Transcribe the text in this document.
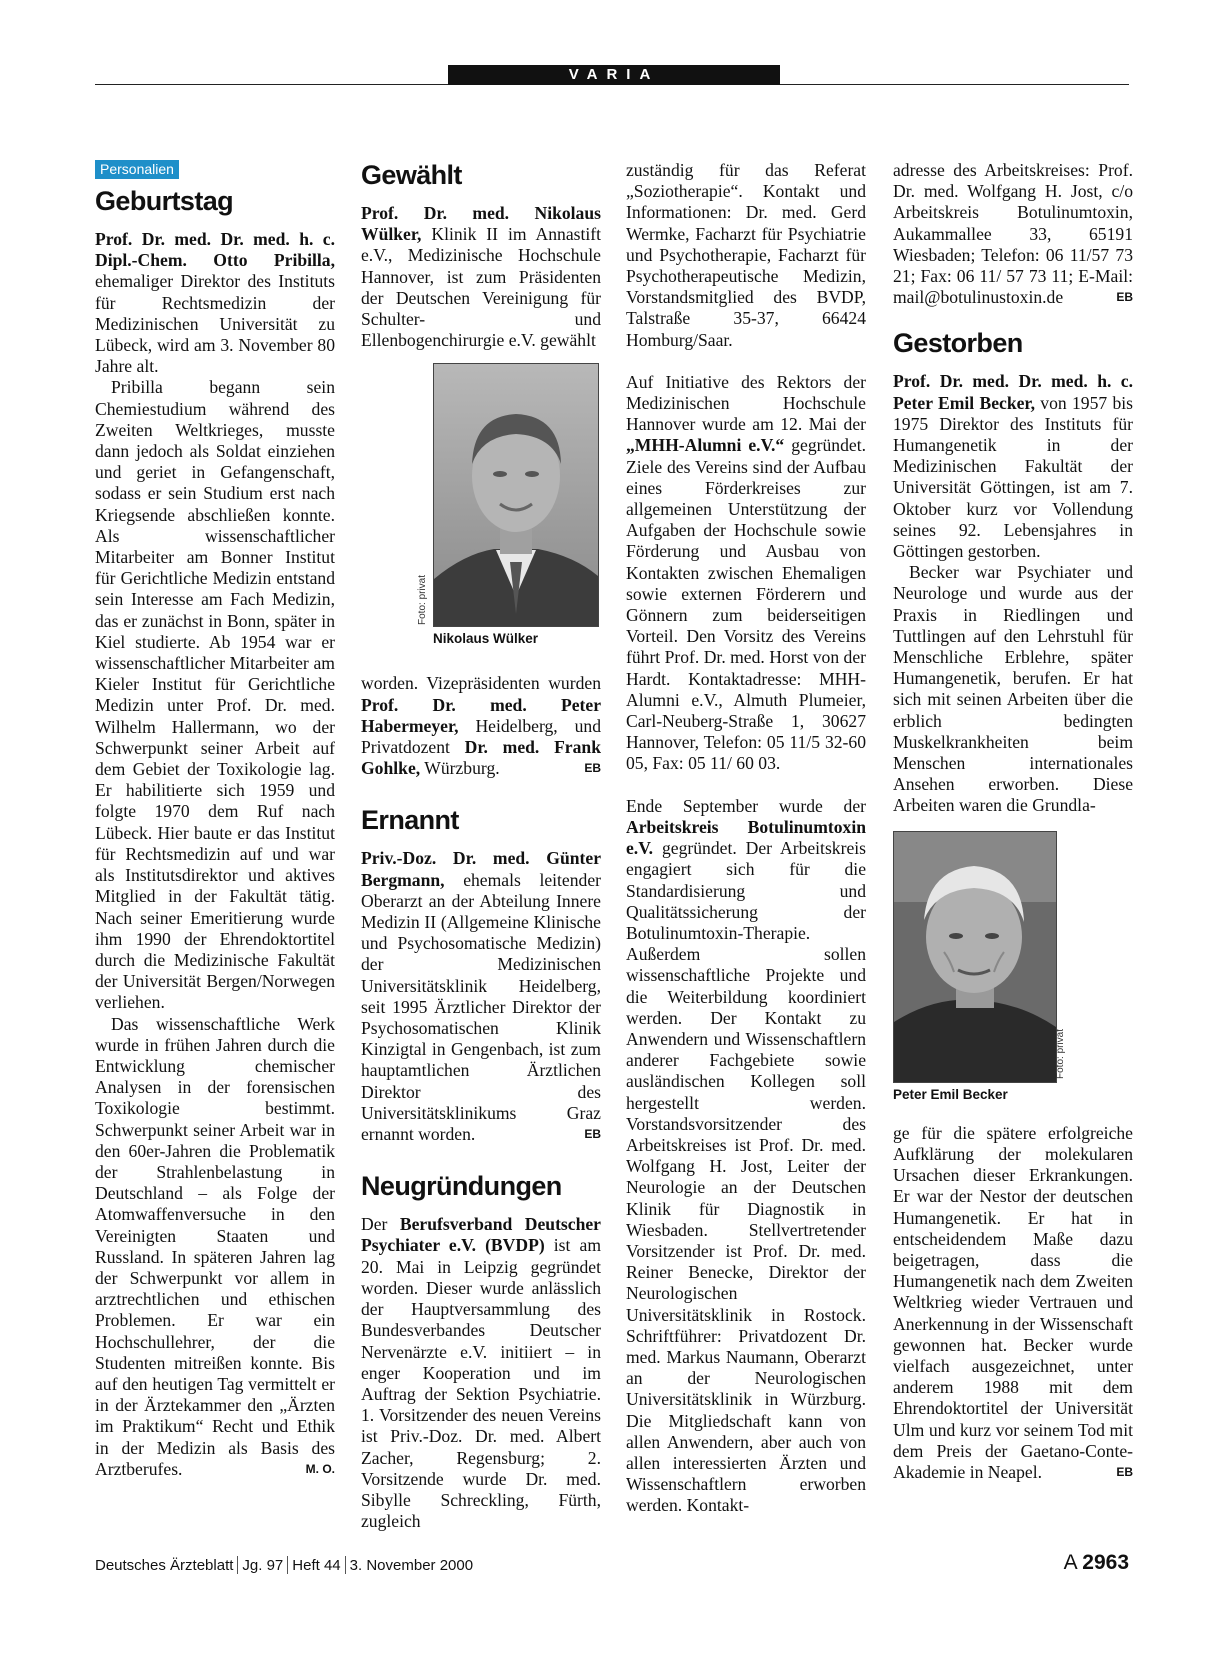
VARIA
Personalien
Geburtstag

Prof. Dr. med. Dr. med. h. c. Dipl.-Chem. Otto Pribilla, ehemaliger Direktor des Instituts für Rechtsmedizin der Medizinischen Universität zu Lübeck, wird am 3. November 80 Jahre alt.

Pribilla begann sein Chemiestudium während des Zweiten Weltkrieges, musste dann jedoch als Soldat einziehen und geriet in Gefangenschaft, sodass er sein Studium erst nach Kriegsende abschließen konnte. Als wissenschaftlicher Mitarbeiter am Bonner Institut für Gerichtliche Medizin entstand sein Interesse am Fach Medizin, das er zunächst in Bonn, später in Kiel studierte. Ab 1954 war er wissenschaftlicher Mitarbeiter am Kieler Institut für Gerichtliche Medizin unter Prof. Dr. med. Wilhelm Hallermann, wo der Schwerpunkt seiner Arbeit auf dem Gebiet der Toxikologie lag. Er habilitierte sich 1959 und folgte 1970 dem Ruf nach Lübeck. Hier baute er das Institut für Rechtsmedizin auf und war als Institutsdirektor und aktives Mitglied in der Fakultät tätig. Nach seiner Emeritierung wurde ihm 1990 der Ehrendoktortitel durch die Medizinische Fakultät der Universität Bergen/Norwegen verliehen.

Das wissenschaftliche Werk wurde in frühen Jahren durch die Entwicklung chemischer Analysen in der forensischen Toxikologie bestimmt. Schwerpunkt seiner Arbeit war in den 60er-Jahren die Problematik der Strahlenbelastung in Deutschland – als Folge der Atomwaffenversuche in den Vereinigten Staaten und Russland. In späteren Jahren lag der Schwerpunkt vor allem in arztrechtlichen und ethischen Problemen. Er war ein Hochschullehrer, der die Studenten mitreißen konnte. Bis auf den heutigen Tag vermittelt er in der Ärztekammer den „Ärzten im Praktikum“ Recht und Ethik in der Medizin als Basis des Arztberufes.	M. O.

Gewählt

Prof. Dr. med. Nikolaus Wülker, Klinik II im Annastift e.V., Medizinische Hochschule Hannover, ist zum Präsidenten der Deutschen Vereinigung für Schulter- und Ellenbogenchirurgie e.V. gewählt

Foto: privat
Nikolaus Wülker

worden. Vizepräsidenten wurden Prof. Dr. med. Peter Habermeyer, Heidelberg, und Privatdozent Dr. med. Frank Gohlke, Würzburg.	EB

Ernannt

Priv.-Doz. Dr. med. Günter Bergmann, ehemals leitender Oberarzt an der Abteilung Innere Medizin II (Allgemeine Klinische und Psychosomatische Medizin) der Medizinischen Universitätsklinik Heidelberg, seit 1995 Ärztlicher Direktor der Psychosomatischen Klinik Kinzigtal in Gengenbach, ist zum hauptamtlichen Ärztlichen Direktor des Universitätsklinikums Graz ernannt worden.	EB

Neugründungen

Der Berufsverband Deutscher Psychiater e.V. (BVDP) ist am 20. Mai in Leipzig gegründet worden. Dieser wurde anlässlich der Hauptversammlung des Bundesverbandes Deutscher Nervenärzte e.V. initiiert – in enger Kooperation und im Auftrag der Sektion Psychiatrie. 1. Vorsitzender des neuen Vereins ist Priv.-Doz. Dr. med. Albert Zacher, Regensburg; 2. Vorsitzende wurde Dr. med. Sibylle Schreckling, Fürth, zugleich

zuständig für das Referat „Soziotherapie“. Kontakt und Informationen: Dr. med. Gerd Wermke, Facharzt für Psychiatrie und Psychotherapie, Facharzt für Psychotherapeutische Medizin, Vorstandsmitglied des BVDP, Talstraße 35-37, 66424 Homburg/Saar.

Auf Initiative des Rektors der Medizinischen Hochschule Hannover wurde am 12. Mai der „MHH-Alumni e.V.“ gegründet. Ziele des Vereins sind der Aufbau eines Förderkreises zur allgemeinen Unterstützung der Aufgaben der Hochschule sowie Förderung und Ausbau von Kontakten zwischen Ehemaligen sowie externen Förderern und Gönnern zum beiderseitigen Vorteil. Den Vorsitz des Vereins führt Prof. Dr. med. Horst von der Hardt. Kontaktadresse: MHH-Alumni e.V., Almuth Plumeier, Carl-Neuberg-Straße 1, 30627 Hannover, Telefon: 05 11/5 32-60 05, Fax: 05 11/ 60 03.

Ende September wurde der Arbeitskreis Botulinumtoxin e.V. gegründet. Der Arbeitskreis engagiert sich für die Standardisierung und Qualitätssicherung der Botulinumtoxin-Therapie. Außerdem sollen wissenschaftliche Projekte und die Weiterbildung koordiniert werden. Der Kontakt zu Anwendern und Wissenschaftlern anderer Fachgebiete sowie ausländischen Kollegen soll hergestellt werden. Vorstandsvorsitzender des Arbeitskreises ist Prof. Dr. med. Wolfgang H. Jost, Leiter der Neurologie an der Deutschen Klinik für Diagnostik in Wiesbaden. Stellvertretender Vorsitzender ist Prof. Dr. med. Reiner Benecke, Direktor der Neurologischen Universitätsklinik in Rostock. Schriftführer: Privatdozent Dr. med. Markus Naumann, Oberarzt an der Neurologischen Universitätsklinik in Würzburg. Die Mitgliedschaft kann von allen Anwendern, aber auch von allen interessierten Ärzten und Wissenschaftlern erworben werden. Kontakt-

adresse des Arbeitskreises: Prof. Dr. med. Wolfgang H. Jost, c/o Arbeitskreis Botulinumtoxin, Aukammallee 33, 65191 Wiesbaden; Telefon: 06 11/57 73 21; Fax: 06 11/ 57 73 11; E-Mail: mail@botulinustoxin.de	EB

Gestorben

Prof. Dr. med. Dr. med. h. c. Peter Emil Becker, von 1957 bis 1975 Direktor des Instituts für Humangenetik in der Medizinischen Fakultät der Universität Göttingen, ist am 7. Oktober kurz vor Vollendung seines 92. Lebensjahres in Göttingen gestorben.

Becker war Psychiater und Neurologe und wurde aus der Praxis in Riedlingen und Tuttlingen auf den Lehrstuhl für Menschliche Erblehre, später Humangenetik, berufen. Er hat sich mit seinen Arbeiten über die erblich bedingten Muskelkrankheiten beim Menschen internationales Ansehen erworben. Diese Arbeiten waren die Grundla-

Foto: privat
Peter Emil Becker

ge für die spätere erfolgreiche Aufklärung der molekularen Ursachen dieser Erkrankungen. Er war der Nestor der deutschen Humangenetik. Er hat in entscheidendem Maße dazu beigetragen, dass die Humangenetik nach dem Zweiten Weltkrieg wieder Vertrauen und Anerkennung in der Wissenschaft gewonnen hat. Becker wurde vielfach ausgezeichnet, unter anderem 1988 mit dem Ehrendoktortitel der Universität Ulm und kurz vor seinem Tod mit dem Preis der Gaetano-Conte-Akademie in Neapel.	EB

Deutsches Ärzteblatt Jg. 97 Heft 44 3. November 2000	A 2963
